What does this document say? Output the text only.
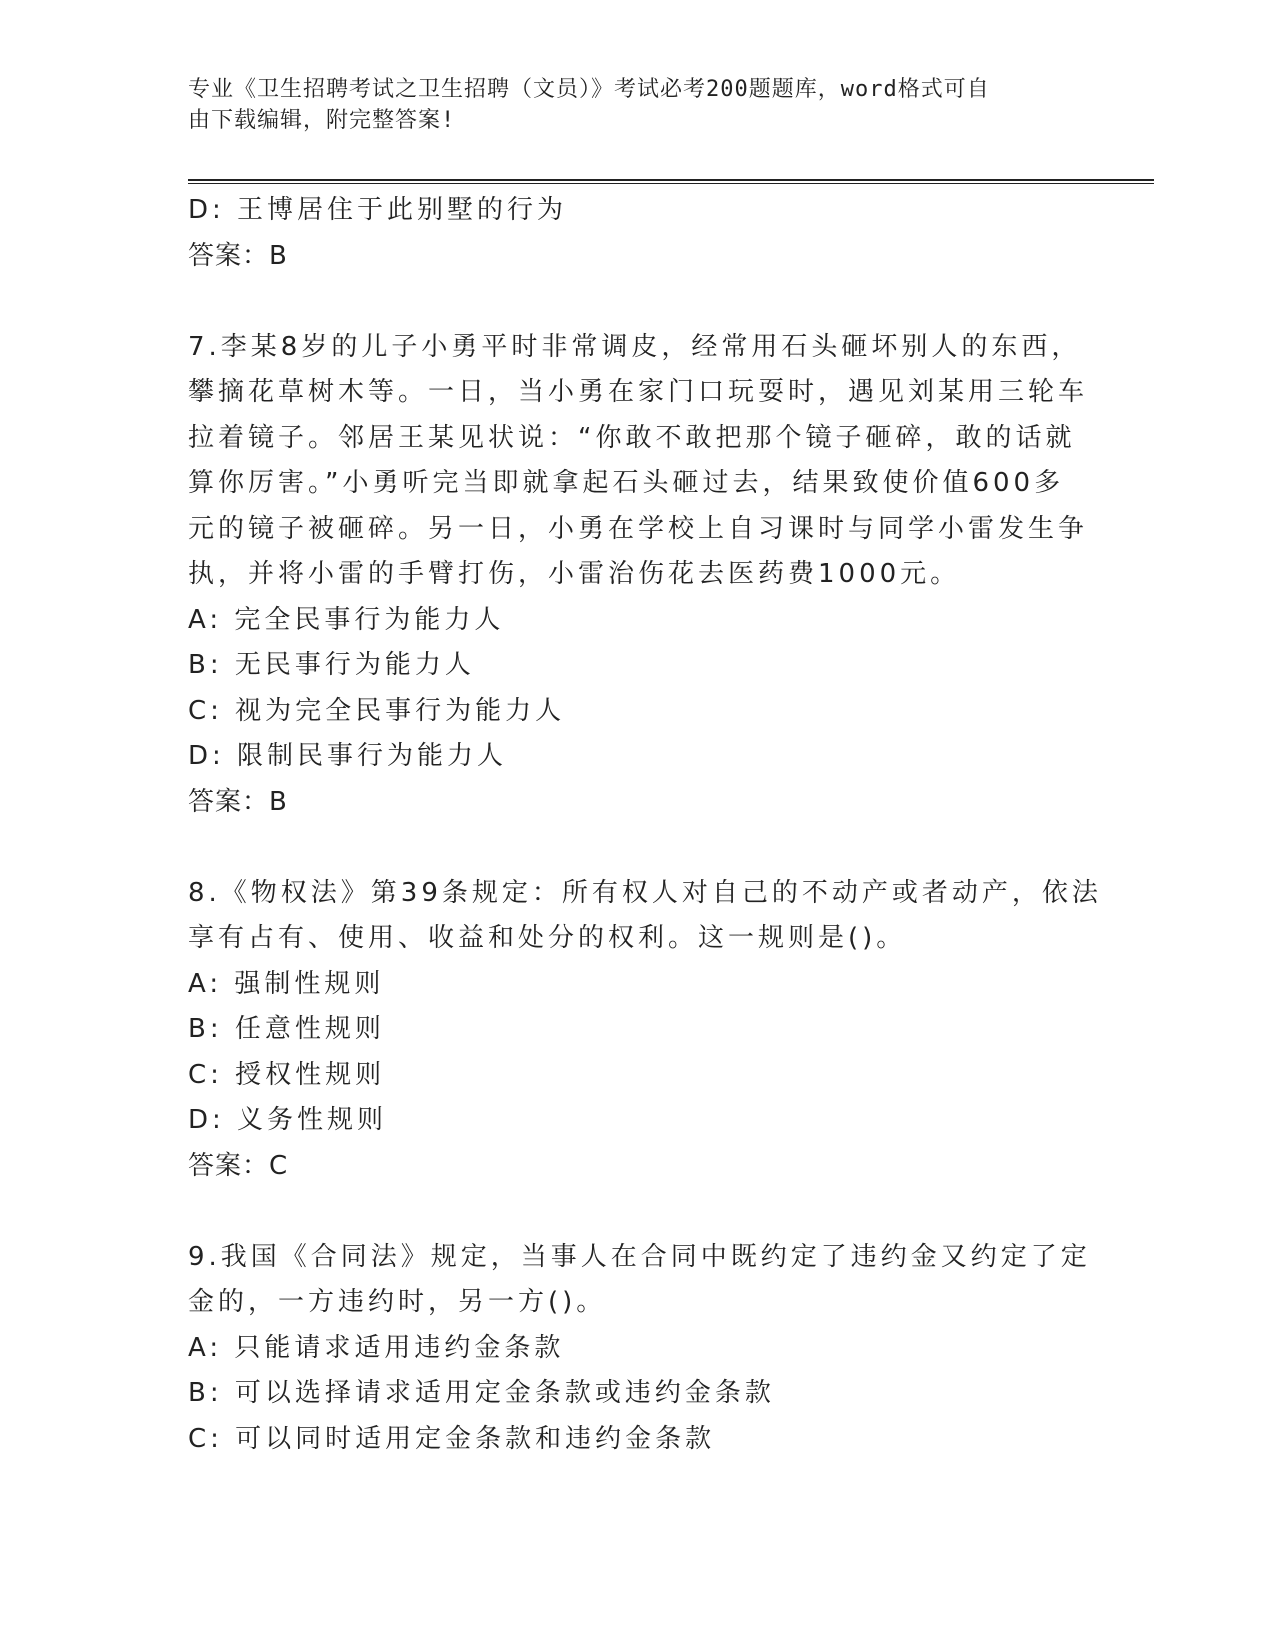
专业《卫生招聘考试之卫生招聘（文员）》考试必考200题题库，word格式可自
由下载编辑，附完整答案!
D: 王博居住于此别墅的行为
答案：B
7.李某8岁的儿子小勇平时非常调皮，经常用石头砸坏别人的东西，
攀摘花草树木等。一日，当小勇在家门口玩耍时，遇见刘某用三轮车
拉着镜子。邻居王某见状说：“你敢不敢把那个镜子砸碎，敢的话就
算你厉害。”小勇听完当即就拿起石头砸过去，结果致使价值600多
元的镜子被砸碎。另一日，小勇在学校上自习课时与同学小雷发生争
执，并将小雷的手臂打伤，小雷治伤花去医药费1000元。
A: 完全民事行为能力人
B: 无民事行为能力人
C: 视为完全民事行为能力人
D: 限制民事行为能力人
答案：B
8.《物权法》第39条规定：所有权人对自己的不动产或者动产，依法
享有占有、使用、收益和处分的权利。这一规则是()。
A: 强制性规则
B: 任意性规则
C: 授权性规则
D: 义务性规则
答案：C
9.我国《合同法》规定，当事人在合同中既约定了违约金又约定了定
金的，一方违约时，另一方()。
A: 只能请求适用违约金条款
B: 可以选择请求适用定金条款或违约金条款
C: 可以同时适用定金条款和违约金条款
